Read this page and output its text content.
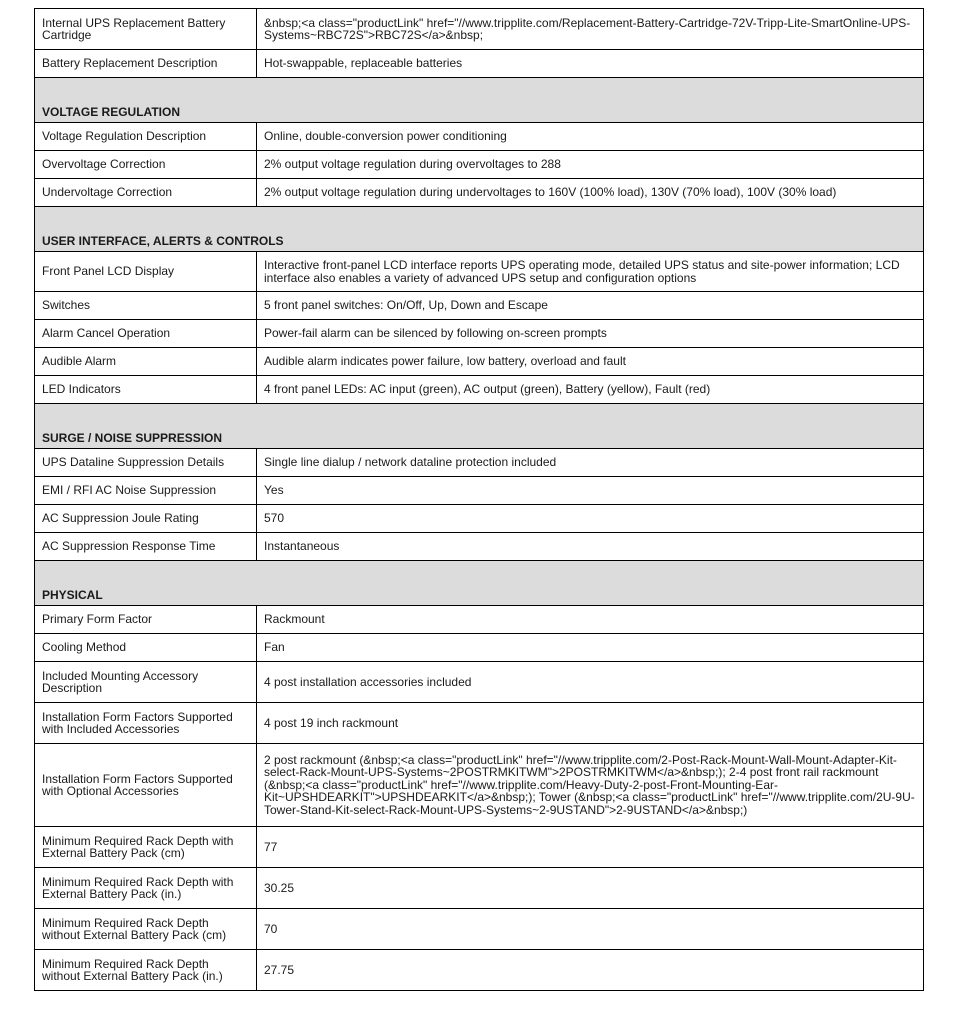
Internal UPS Replacement Battery Cartridge	&nbsp;<a class="productLink" href="//www.tripplite.com/Replacement-Battery-Cartridge-72V-Tripp-Lite-SmartOnline-UPS-Systems~RBC72S">RBC72S</a>&nbsp;
Battery Replacement Description	Hot-swappable, replaceable batteries
VOLTAGE REGULATION	
Voltage Regulation Description	Online, double-conversion power conditioning
Overvoltage Correction	2% output voltage regulation during overvoltages to 288
Undervoltage Correction	2% output voltage regulation during undervoltages to 160V (100% load), 130V (70% load), 100V (30% load)
USER INTERFACE, ALERTS & CONTROLS	
Front Panel LCD Display	Interactive front-panel LCD interface reports UPS operating mode, detailed UPS status and site-power information; LCD interface also enables a variety of advanced UPS setup and configuration options
Switches	5 front panel switches: On/Off, Up, Down and Escape
Alarm Cancel Operation	Power-fail alarm can be silenced by following on-screen prompts
Audible Alarm	Audible alarm indicates power failure, low battery, overload and fault
LED Indicators	4 front panel LEDs: AC input (green), AC output (green), Battery (yellow), Fault (red)
SURGE / NOISE SUPPRESSION	
UPS Dataline Suppression Details	Single line dialup / network dataline protection included
EMI / RFI AC Noise Suppression	Yes
AC Suppression Joule Rating	570
AC Suppression Response Time	Instantaneous
PHYSICAL	
Primary Form Factor	Rackmount
Cooling Method	Fan
Included Mounting Accessory Description	4 post installation accessories included
Installation Form Factors Supported with Included Accessories	4 post 19 inch rackmount
Installation Form Factors Supported with Optional Accessories	2 post rackmount (&nbsp;<a class="productLink" href="//www.tripplite.com/2-Post-Rack-Mount-Wall-Mount-Adapter-Kit-select-Rack-Mount-UPS-Systems~2POSTRMKITWM">2POSTRMKITWM</a>&nbsp;); 2-4 post front rail rackmount (&nbsp;<a class="productLink" href="//www.tripplite.com/Heavy-Duty-2-post-Front-Mounting-Ear-Kit~UPSHDEARKIT">UPSHDEARKIT</a>&nbsp;); Tower (&nbsp;<a class="productLink" href="//www.tripplite.com/2U-9U-Tower-Stand-Kit-select-Rack-Mount-UPS-Systems~2-9USTAND">2-9USTAND</a>&nbsp;)
Minimum Required Rack Depth with External Battery Pack (cm)	77
Minimum Required Rack Depth with External Battery Pack (in.)	30.25
Minimum Required Rack Depth without External Battery Pack (cm)	70
Minimum Required Rack Depth without External Battery Pack (in.)	27.75
